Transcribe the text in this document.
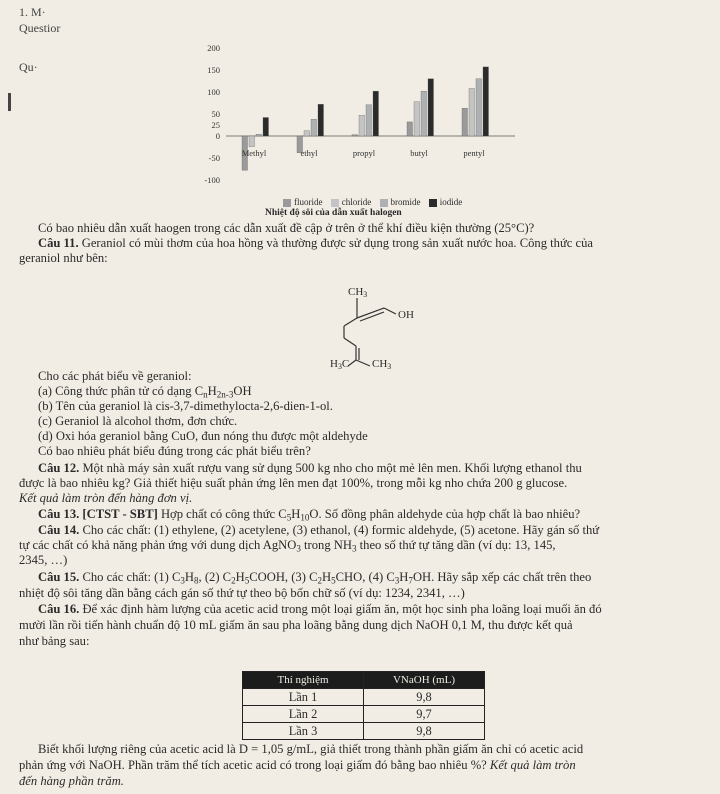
1. M·
Questior
Qu·
200
150
100
50
25
0
-50
-100
Methyl	ethyl	propyl	butyl	pentyl
fluoride chloride bromide iodide
Nhiệt độ sôi của dẫn xuất halogen
Có bao nhiêu dẫn xuất haogen trong các dẫn xuất đề cập ở trên ở thể khí điều kiện thường (25°C)?
Câu 11. Geraniol có mùi thơm của hoa hồng và thường được sử dụng trong sản xuất nước hoa. Công thức của
geraniol như bên:
$CH_3$
OH
$H_3C$ $CH_3$
Cho các phát biểu về geraniol:
(a) Công thức phân tử có dạng $C_nH_{2n-3}OH$
(b) Tên của geraniol là cis-3,7-dimethylocta-2,6-dien-1-ol.
(c) Geraniol là alcohol thơm, đơn chức.
(d) Oxi hóa geraniol bằng CuO, đun nóng thu được một aldehyde
Có bao nhiêu phát biểu đúng trong các phát biểu trên?
Câu 12. Một nhà máy sản xuất rượu vang sử dụng 500 kg nho cho một mẻ lên men. Khối lượng ethanol thu
được là bao nhiêu kg? Giả thiết hiệu suất phản ứng lên men đạt 100%, trong mỗi kg nho chứa 200 g glucose.
Kết quả làm tròn đến hàng đơn vị.
Câu 13. [CTST - SBT] Hợp chất có công thức $C_5H_{10}O$. Số đồng phân aldehyde của hợp chất là bao nhiêu?
Câu 14. Cho các chất: (1) ethylene, (2) acetylene, (3) ethanol, (4) formic aldehyde, (5) acetone. Hãy gán số thứ
tự các chất có khả năng phản ứng với dung dịch AgNO$_3$ trong $NH_3$ theo số thứ tự tăng dần (ví dụ: 13, 145,
2345, …)
Câu 15. Cho các chất: (1) $C_3H_8$, (2) $C_2H_5COOH$, (3) $C_2H_5CHO$, (4) $C_3H_7OH$. Hãy sắp xếp các chất trên theo
nhiệt độ sôi tăng dần bằng cách gán số thứ tự theo bộ bốn chữ số (ví dụ: 1234, 2341, …)
Câu 16. Để xác định hàm lượng của acetic acid trong một loại giấm ăn, một học sinh pha loãng loại muối ăn đó
mười lần rồi tiến hành chuẩn độ 10 mL giấm ăn sau pha loãng bằng dung dịch NaOH 0,1 M, thu được kết quả
như bảng sau:
Thí nghiệm	VNaOH (mL)
Lần 1	9,8
Lần 2	9,7
Lần 3	9,8
Biết khối lượng riêng của acetic acid là D = 1,05 g/mL, giả thiết trong thành phần giấm ăn chỉ có acetic acid
phản ứng với NaOH. Phần trăm thể tích acetic acid có trong loại giấm đó bằng bao nhiêu %? Kết quả làm tròn
đến hàng phần trăm.
